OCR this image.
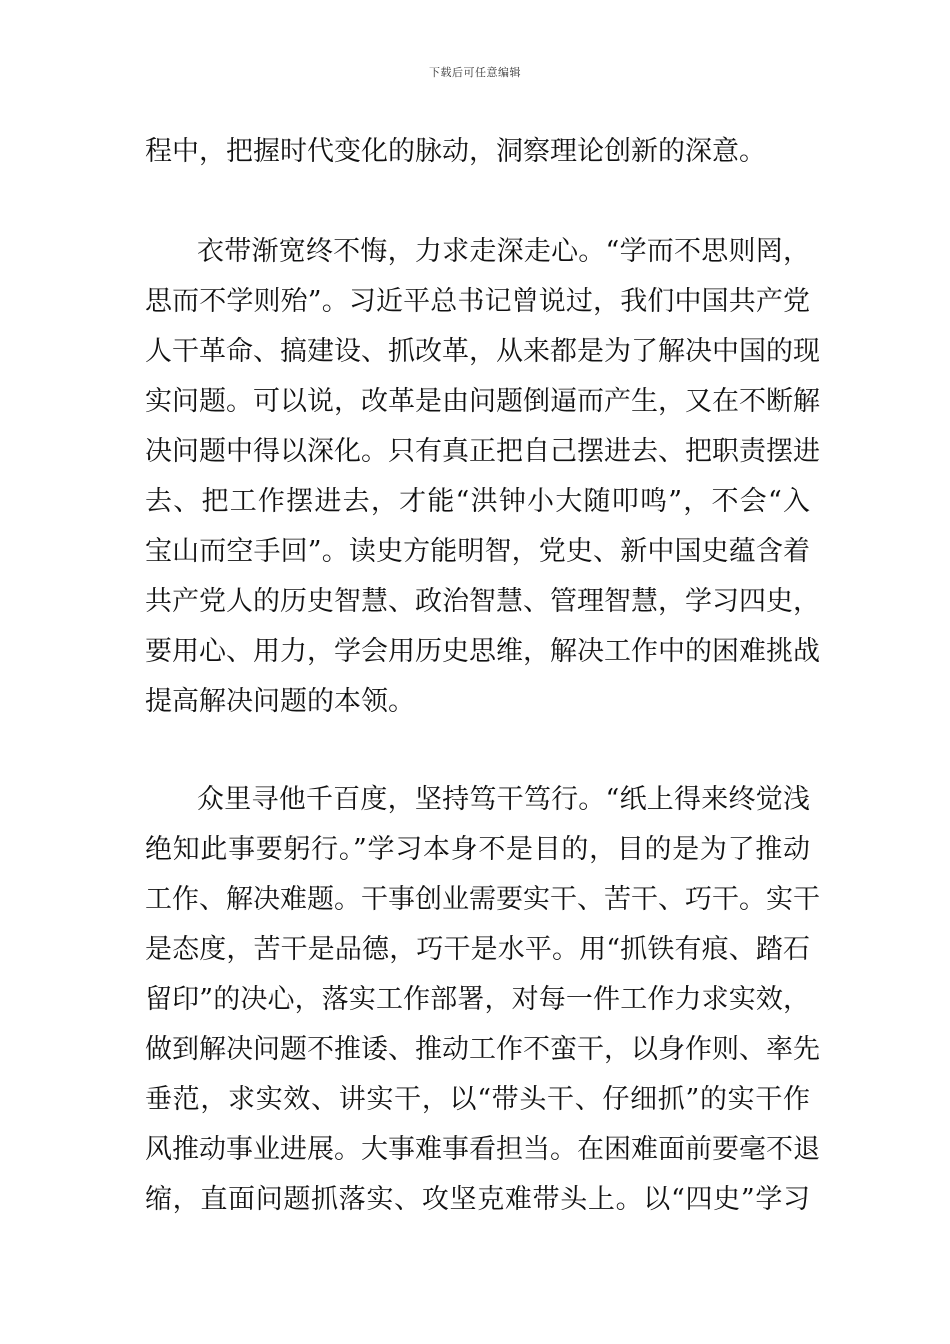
下载后可任意编辑
程中，把握时代变化的脉动，洞察理论创新的深意。
衣带渐宽终不悔，力求走深走心。“学而不思则罔，
思而不学则殆”。习近平总书记曾说过，我们中国共产党
人干革命、搞建设、抓改革，从来都是为了解决中国的现
实问题。可以说，改革是由问题倒逼而产生，又在不断解
决问题中得以深化。只有真正把自己摆进去、把职责摆进
去、把工作摆进去，才能“洪钟小大随叩鸣”，不会“入
宝山而空手回”。读史方能明智，党史、新中国史蕴含着
共产党人的历史智慧、政治智慧、管理智慧，学习四史，
要用心、用力，学会用历史思维，解决工作中的困难挑战
提高解决问题的本领。
众里寻他千百度，坚持笃干笃行。“纸上得来终觉浅
绝知此事要躬行。”学习本身不是目的，目的是为了推动
工作、解决难题。干事创业需要实干、苦干、巧干。实干
是态度，苦干是品德，巧干是水平。用“抓铁有痕、踏石
留印”的决心，落实工作部署，对每一件工作力求实效，
做到解决问题不推诿、推动工作不蛮干，以身作则、率先
垂范，求实效、讲实干，以“带头干、仔细抓”的实干作
风推动事业进展。大事难事看担当。在困难面前要毫不退
缩，直面问题抓落实、攻坚克难带头上。以“四史”学习
